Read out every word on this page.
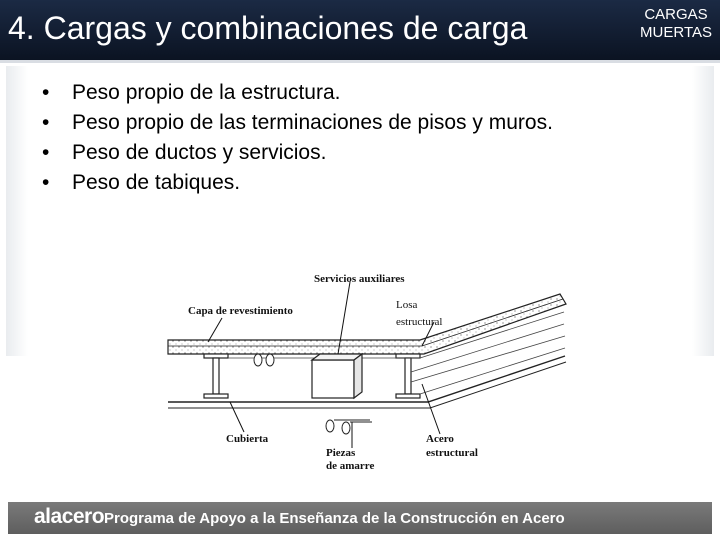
4. Cargas y combinaciones de carga	CARGAS
MUERTAS
• Peso propio de la estructura.
• Peso propio de las terminaciones de pisos y muros.
• Peso de ductos y servicios.
• Peso de tabiques.
Servicios auxiliares
Capa de revestimiento	Losa
estructural
Cubierta
Piezas
de amarre
Acero
estructural
alacero Programa de Apoyo a la Enseñanza de la Construcción en Acero
